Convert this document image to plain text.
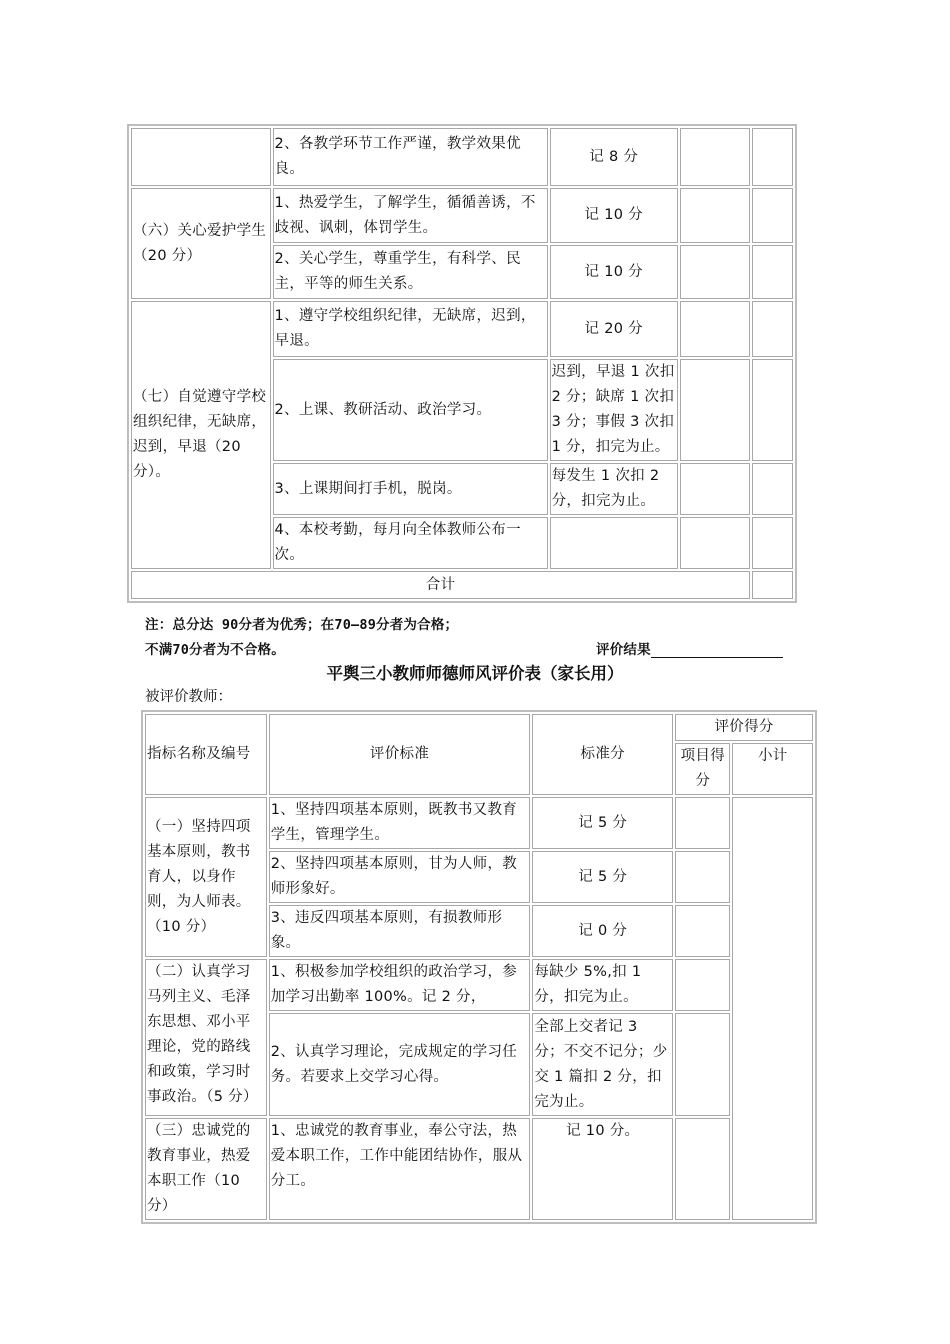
	2、各教学环节工作严谨，教学效果优良。	记 8 分		
（六）关心爱护学生（20 分）	1、热爱学生，了解学生，循循善诱，不歧视、讽刺，体罚学生。	记 10 分		
	2、关心学生，尊重学生，有科学、民主，平等的师生关系。	记 10 分		
（七）自觉遵守学校组织纪律，无缺席，迟到，早退（20 分）。	1、遵守学校组织纪律，无缺席，迟到，早退。	记 20 分		
	2、上课、教研活动、政治学习。	迟到，早退 1 次扣 2 分；缺席 1 次扣 3 分；事假 3 次扣 1 分，扣完为止。		
	3、上课期间打手机，脱岗。	每发生 1 次扣 2 分，扣完为止。		
	4、本校考勤，每月向全体教师公布一次。			
合计				
注：总分达 90分者为优秀；在70—89分者为合格；
不满70分者为不合格。	评价结果
平舆三小教师师德师风评价表（家长用）
被评价教师：
指标名称及编号	评价标准	标准分	评价得分	
			项目得分	小计
（一）坚持四项基本原则，教书育人，以身作则，为人师表。（10 分）	1、坚持四项基本原则，既教书又教育学生，管理学生。	记 5 分		
	2、坚持四项基本原则，甘为人师，教师形象好。	记 5 分		
	3、违反四项基本原则，有损教师形象。	记 0 分		
（二）认真学习马列主义、毛泽东思想、邓小平理论，党的路线和政策，学习时事政治。（5 分）	1、积极参加学校组织的政治学习，参加学习出勤率 100%。记 2 分，	每缺少 5%,扣 1 分，扣完为止。		
	2、认真学习理论，完成规定的学习任务。若要求上交学习心得。	全部上交者记 3 分；不交不记分；少交 1 篇扣 2 分，扣完为止。		
（三）忠诚党的教育事业，热爱本职工作（10 分）	1、忠诚党的教育事业，奉公守法，热爱本职工作，工作中能团结协作，服从分工。	记 10 分。		
